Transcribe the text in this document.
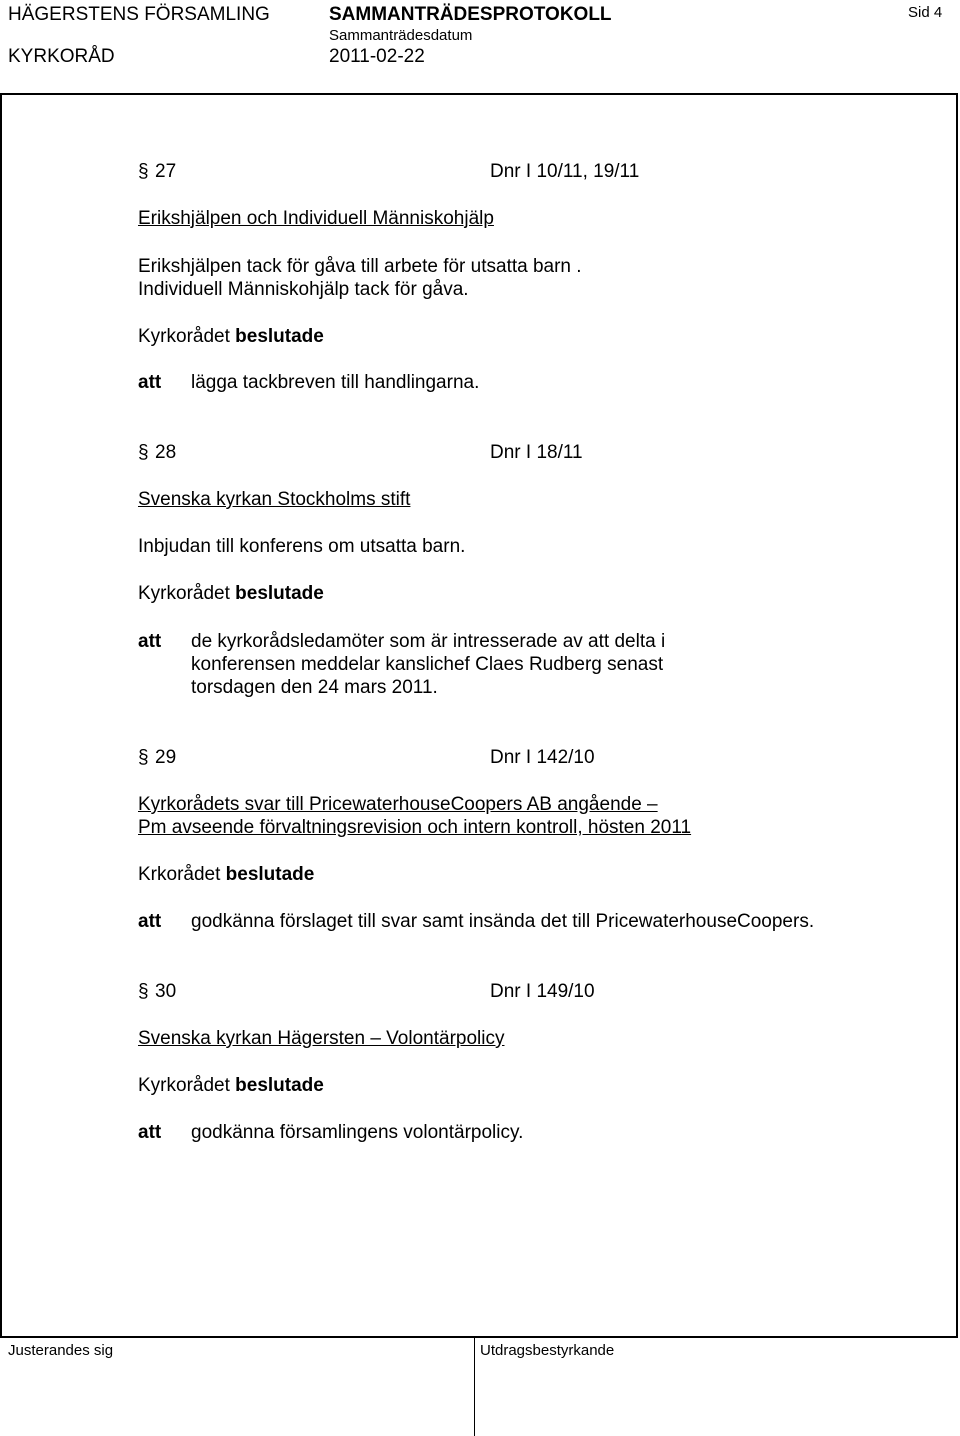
HÄGERSTENS FÖRSAMLING	SAMMANTRÄDESPROTOKOLL	Sid 4
KYRKORÅD
Sammanträdesdatum
2011-02-22
§ 27	Dnr I 10/11, 19/11
Erikshjälpen och Individuell Människohjälp
Erikshjälpen tack för gåva till arbete för utsatta barn .
Individuell Människohjälp tack för gåva.
Kyrkorådet beslutade
att lägga tackbreven till handlingarna.
§ 28	Dnr I 18/11
Svenska kyrkan Stockholms stift
Inbjudan till konferens om utsatta barn.
Kyrkorådet beslutade
att de kyrkorådsledamöter som är intresserade av att delta i
konferensen meddelar kanslichef Claes Rudberg senast
torsdagen den 24 mars 2011.
§ 29	Dnr I 142/10
Kyrkorådets svar till PricewaterhouseCoopers AB angående –
Pm avseende förvaltningsrevision och intern kontroll, hösten 2011
Krkorådet beslutade
att godkänna förslaget till svar samt insända det till PricewaterhouseCoopers.
§ 30	Dnr I 149/10
Svenska kyrkan Hägersten – Volontärpolicy
Kyrkorådet beslutade
att godkänna församlingens volontärpolicy.
Justerandes sig	Utdragsbestyrkande
